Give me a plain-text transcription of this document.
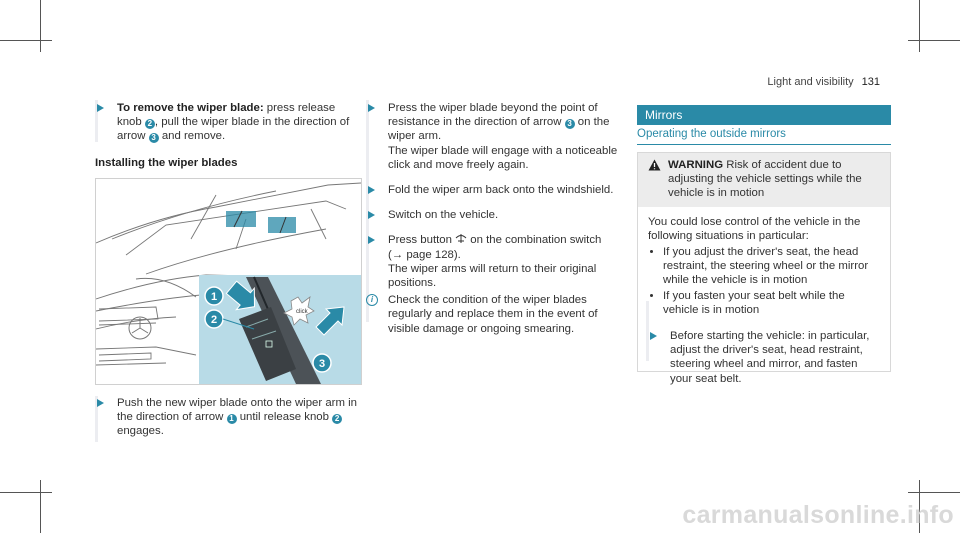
Light and visibility 131
To remove the wiper blade: press release knob 2 , pull the wiper blade in the direction of arrow 3 and remove.
Installing the wiper blades
click
1
2
3
Push the new wiper blade onto the wiper arm in the direction of arrow 1 until release knob 2 engages.
Press the wiper blade beyond the point of resistance in the direction of arrow 3 on the wiper arm.
The wiper blade will engage with a noticeable click and move freely again.
Fold the wiper arm back onto the windshield.
Switch on the vehicle.
Press button  on the combination switch
(→ page 128).
The wiper arms will return to their original positions.
i	Check the condition of the wiper blades regularly and replace them in the event of visible damage or ongoing smearing.
Mirrors
Operating the outside mirrors
WARNING Risk of accident due to adjusting the vehicle settings while the vehicle is in motion
You could lose control of the vehicle in the following situations in particular:
• If you adjust the driver's seat, the head restraint, the steering wheel or the mirror while the vehicle is in motion
• If you fasten your seat belt while the vehicle is in motion
Before starting the vehicle: in particular, adjust the driver's seat, head restraint, steering wheel and mirror, and fasten your seat belt.
carmanualsonline.info
